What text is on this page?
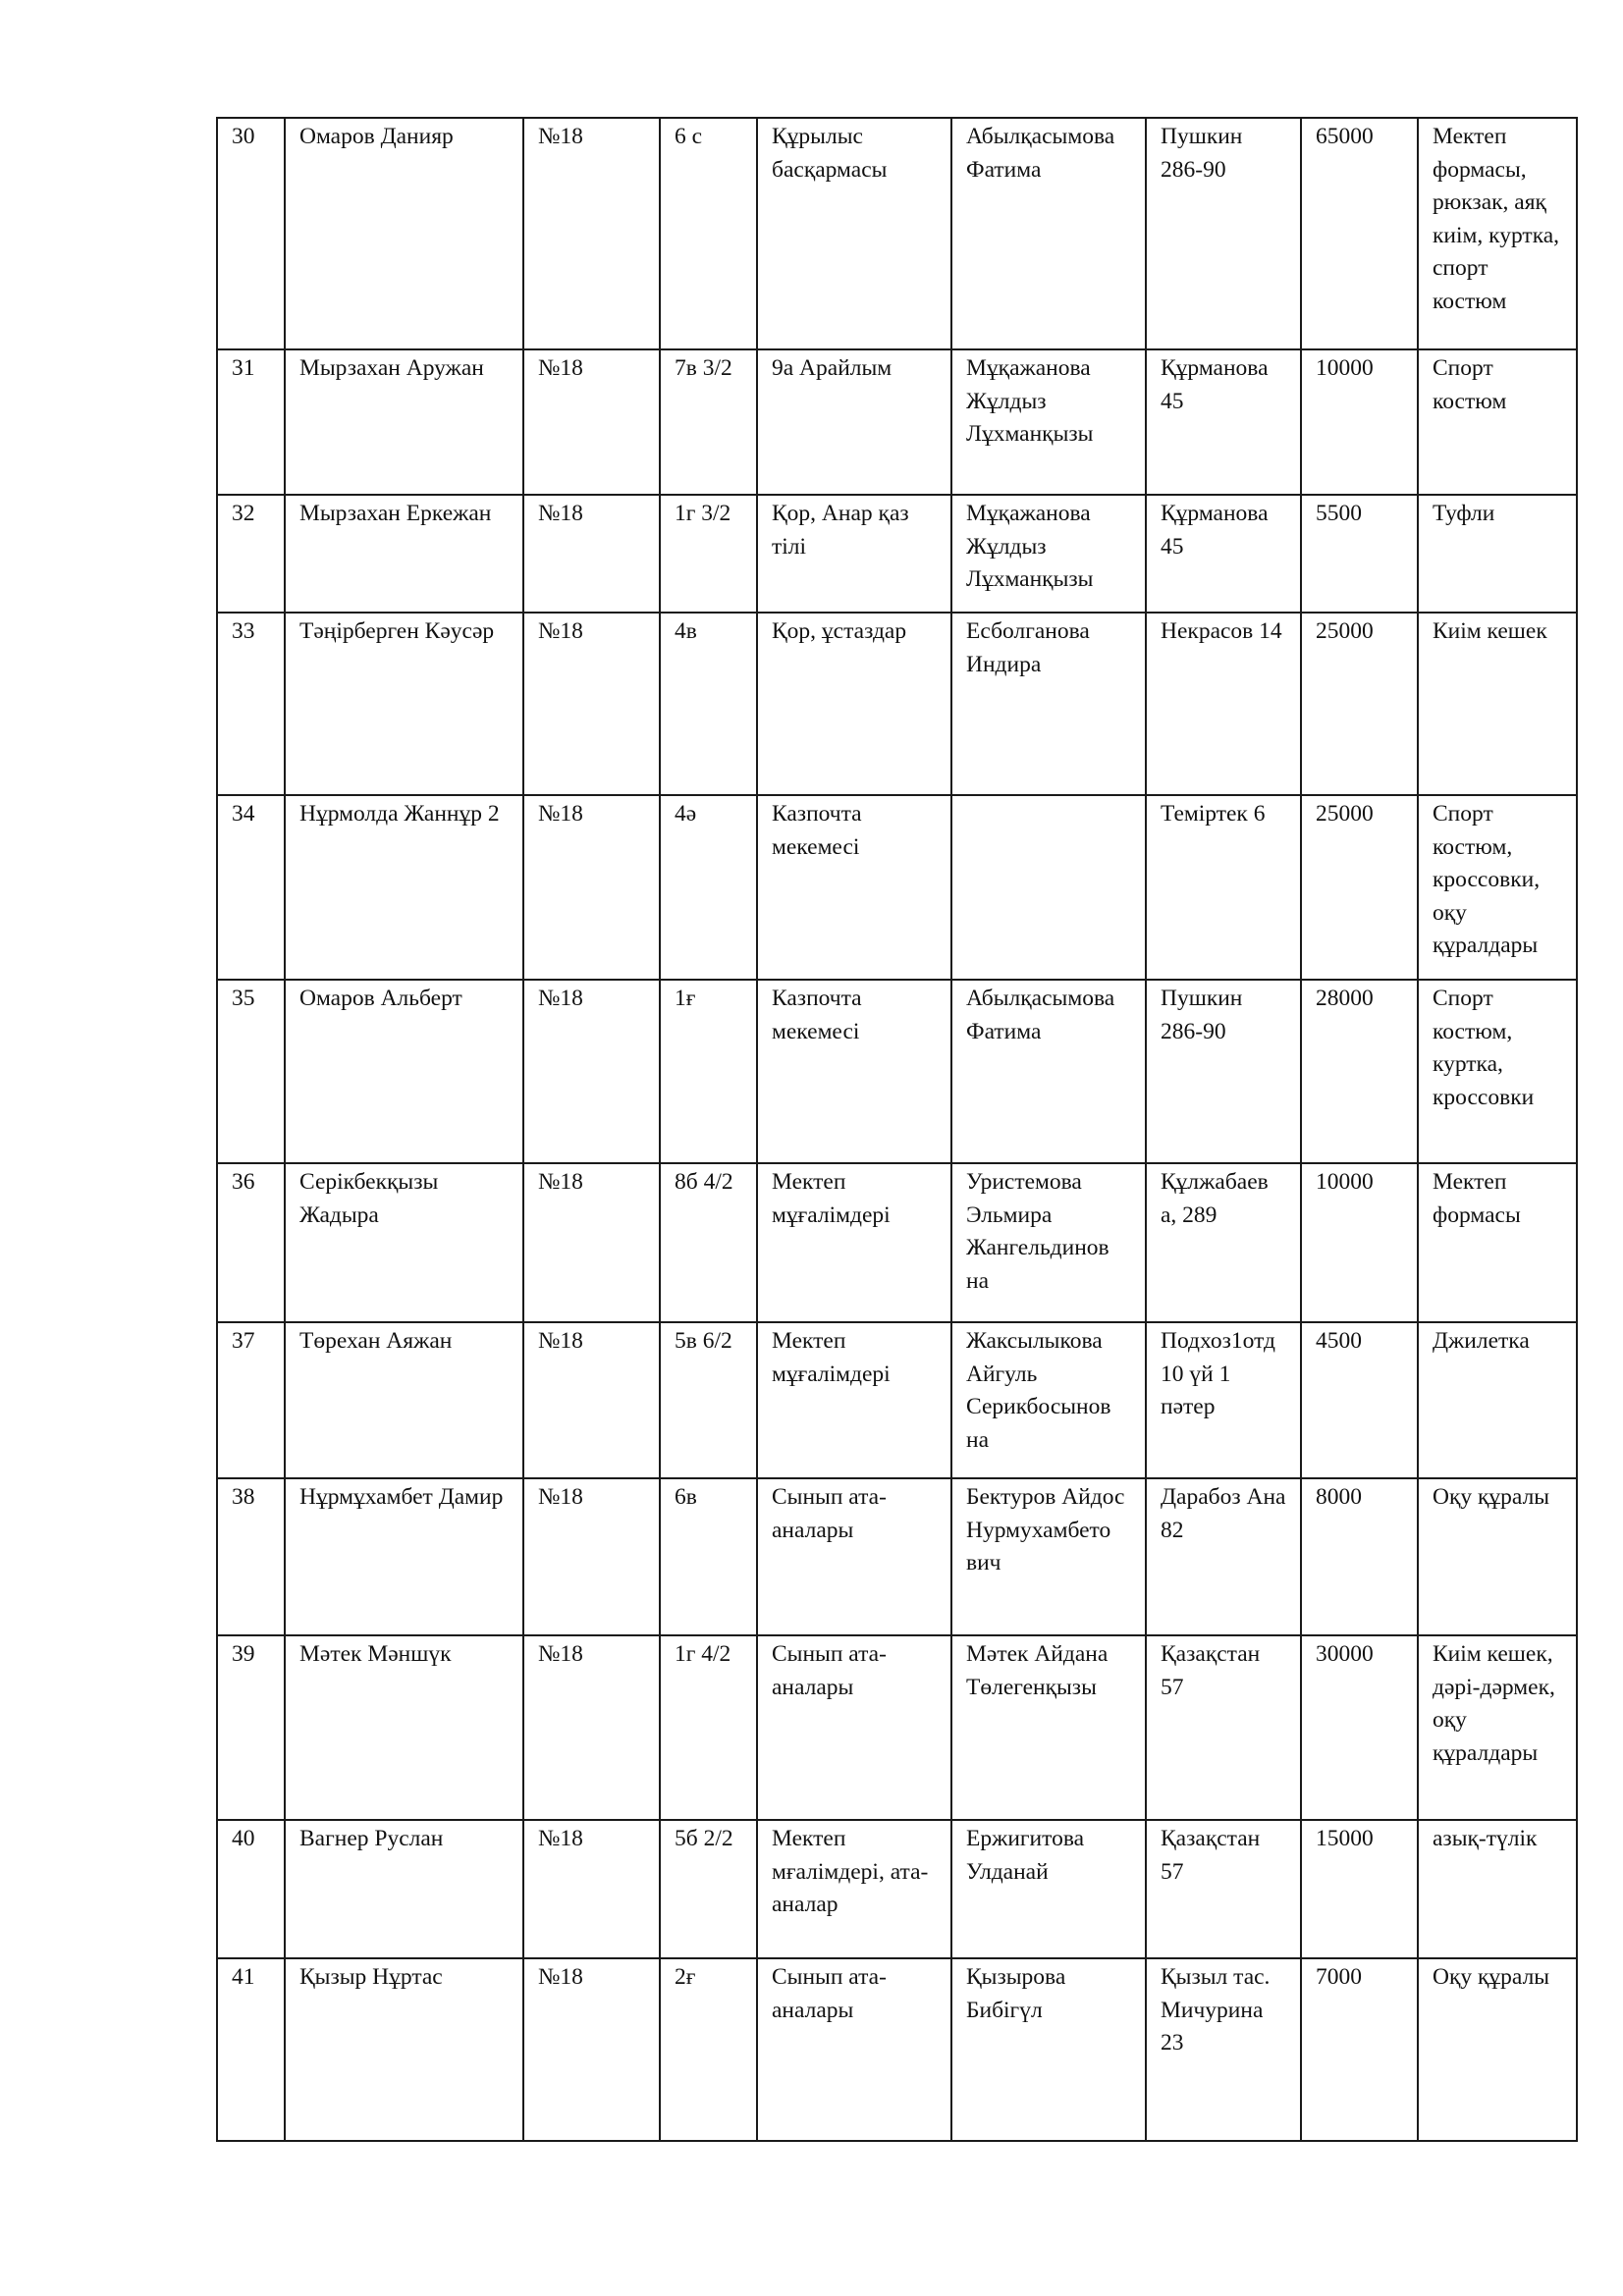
30	Омаров Данияр	№18	6 с	Құрылыс басқармасы	Абылқасымова Фатима	Пушкин 286-90	65000	Мектеп формасы, рюкзак, аяқ киім, куртка, спорт костюм
31	Мырзахан Аружан	№18	7в 3/2	9а Арайлым	Мұқажанова Жұлдыз Лұхманқызы	Құрманова 45	10000	Спорт костюм
32	Мырзахан Еркежан	№18	1г 3/2	Қор, Анар қаз тілі	Мұқажанова Жұлдыз Лұхманқызы	Құрманова 45	5500	Туфли
33	Тәңірберген Кәусәр	№18	4в	Қор, ұстаздар	Есболганова Индира	Некрасов 14	25000	Киім кешек
34	Нұрмолда Жаннұр 2	№18	4ә	Казпочта мекемесі		Теміртек 6	25000	Спорт костюм, кроссовки, оқу құралдары
35	Омаров Альберт	№18	1ғ	Казпочта мекемесі	Абылқасымова Фатима	Пушкин 286-90	28000	Спорт костюм, куртка, кроссовки
36	Серікбекқызы Жадыра	№18	8б 4/2	Мектеп мұғалімдері	Уристемова Эльмира Жангельдинов на	Құлжабаев а, 289	10000	Мектеп формасы
37	Төрехан Аяжан	№18	5в 6/2	Мектеп мұғалімдері	Жаксылыкова Айгуль Серикбосынов на	Подхоз1отд 10 үй 1 пәтер	4500	Джилетка
38	Нұрмұхамбет Дамир	№18	6в	Сынып ата-аналары	Бектуров Айдос Нурмухамбето вич	Дарабоз Ана 82	8000	Оқу құралы
39	Мәтек Мәншүк	№18	1г 4/2	Сынып ата-аналары	Мәтек Айдана Төлегенқызы	Қазақстан 57	30000	Киім кешек, дәрі-дәрмек, оқу құралдары
40	Вагнер Руслан	№18	5б 2/2	Мектеп мғалімдері, ата-аналар	Ержигитова Улданай	Қазақстан 57	15000	азық-түлік
41	Қызыр Нұртас	№18	2ғ	Сынып ата-аналары	Қызырова Бибігүл	Қызыл тас. Мичурина 23	7000	Оқу құралы
